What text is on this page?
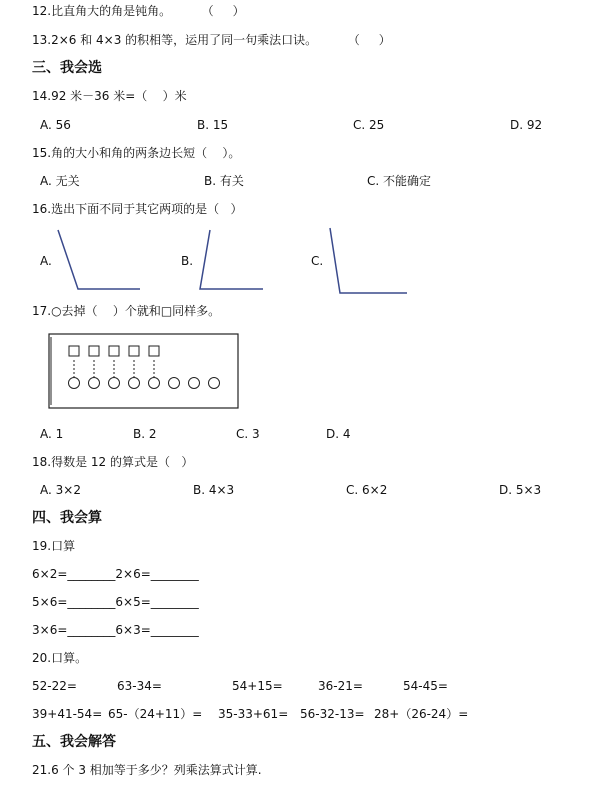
12.比直角大的角是钝角。        （     ）
13.2×6 和 4×3 的积相等，运用了同一句乘法口诀。        （     ）
三、我会选
14.92 米－36 米=（    ）米
A. 56	B. 15	C. 25	D. 92
15.角的大小和角的两条边长短（    ）。
A. 无关	B. 有关	C. 不能确定
16.选出下面不同于其它两项的是（   ）
A.	B.	C.
17.○去掉（    ）个就和□同样多。
A. 1	B. 2	C. 3	D. 4
18.得数是 12 的算式是（   ）
A. 3×2	B. 4×3	C. 6×2	D. 5×3
四、我会算
19.口算
6×2=________2×6=________
5×6=________6×5=________
3×6=________6×3=________
20.口算。
52-22=	63-34=	54+15=	36-21=	54-45=
39+41-54= 65-（24+11）= 35-33+61= 56-32-13= 28+（26-24）=
五、我会解答
21.6 个 3 相加等于多少？列乘法算式计算.
